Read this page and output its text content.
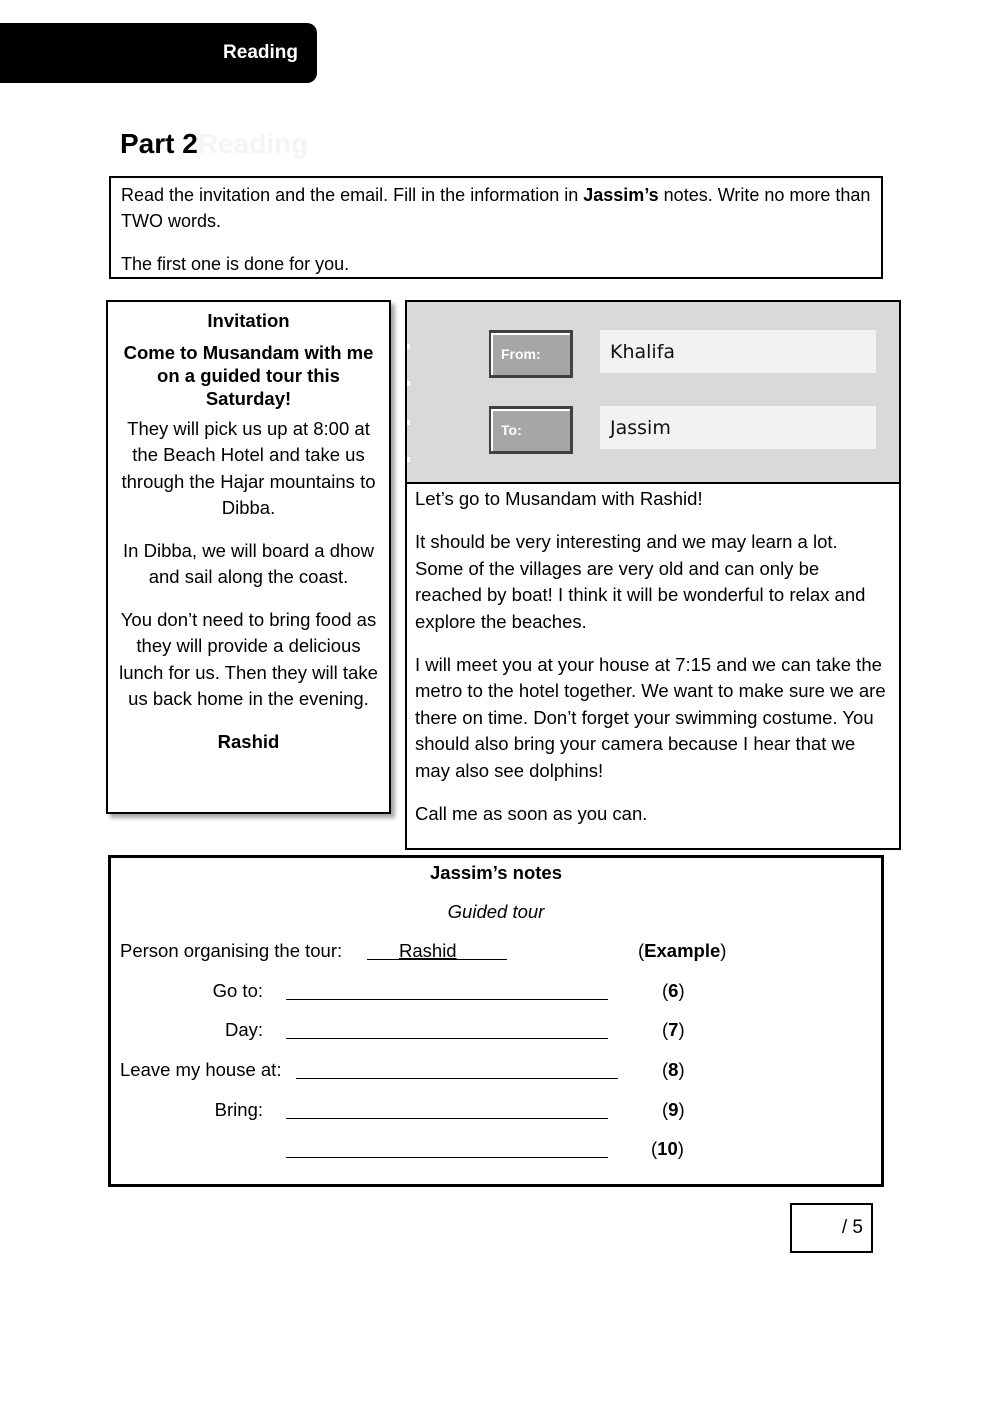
Reading
Part 2Reading

Read the invitation and the email. Fill in the information in Jassim’s notes. Write no more than TWO words.

The first one is done for you.

Invitation
Come to Musandam with me on a guided tour this Saturday!
They will pick us up at 8:00 at the Beach Hotel and take us through the Hajar mountains to Dibba.
In Dibba, we will board a dhow and sail along the coast.
You don’t need to bring food as they will provide a delicious lunch for us. Then they will take us back home in the evening.
Rashid
From:	Khalifa
To:	Jassim

Let’s go to Musandam with Rashid!

It should be very interesting and we may learn a lot. Some of the villages are very old and can only be reached by boat! I think it will be wonderful to relax and explore the beaches.

I will meet you at your house at 7:15 and we can take the metro to the hotel together. We want to make sure we are there on time. Don’t forget your swimming costume. You should also bring your camera because I hear that we may also see dolphins!

Call me as soon as you can.

Jassim’s notes
Guided tour
Person organising the tour:	Rashid	(Example)
Go to:	(6)
Day:	(7)
Leave my house at:	(8)
Bring:	(9)
(10)
/ 5
